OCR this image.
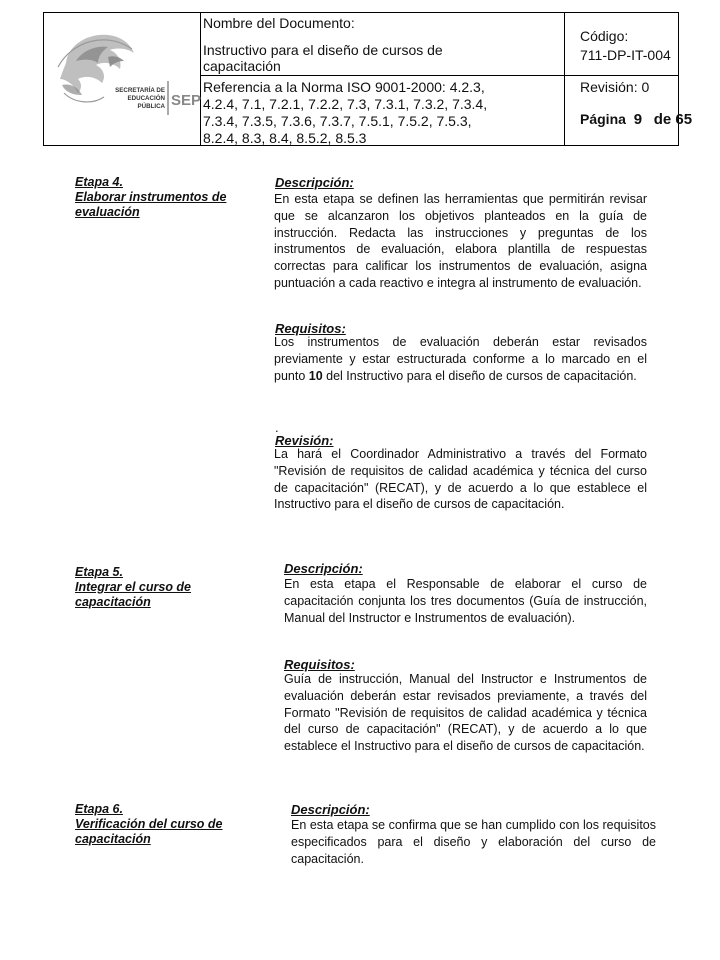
SECRETARÍA DE
EDUCACIÓN
PÚBLICA SEP
Nombre del Documento:
Instructivo para el diseño de cursos de
capacitación
Referencia a la Norma ISO 9001-2000: 4.2.3,
4.2.4, 7.1, 7.2.1, 7.2.2, 7.3, 7.3.1, 7.3.2, 7.3.4,
7.3.4, 7.3.5, 7.3.6, 7.3.7, 7.5.1, 7.5.2, 7.5.3,
8.2.4, 8.3, 8.4, 8.5.2, 8.5.3
Código:
711-DP-IT-004
Revisión: 0
Página 9 de 65
Etapa 4.
Elaborar instrumentos de
evaluación
Descripción:
En esta etapa se definen las herramientas que permitirán revisar que se alcanzaron los objetivos planteados en la guía de instrucción. Redacta las instrucciones y preguntas de los instrumentos de evaluación, elabora plantilla de respuestas correctas para calificar los instrumentos de evaluación, asigna puntuación a cada reactivo e integra al instrumento de evaluación.
Requisitos:
Los instrumentos de evaluación deberán estar revisados previamente y estar estructurada conforme a lo marcado en el punto 10 del Instructivo para el diseño de cursos de capacitación.
.
Revisión:
La hará el Coordinador Administrativo a través del Formato "Revisión de requisitos de calidad académica y técnica del curso de capacitación" (RECAT), y de acuerdo a lo que establece el Instructivo para el diseño de cursos de capacitación.
Etapa 5.
Integrar el curso de
capacitación
Descripción:
En esta etapa el Responsable de elaborar el curso de capacitación conjunta los tres documentos (Guía de instrucción, Manual del Instructor e Instrumentos de evaluación).
Requisitos:
Guía de instrucción, Manual del Instructor e Instrumentos de evaluación deberán estar revisados previamente, a través del Formato "Revisión de requisitos de calidad académica y técnica del curso de capacitación" (RECAT), y de acuerdo a lo que establece el Instructivo para el diseño de cursos de capacitación.
Etapa 6.
Verificación del curso de
capacitación
Descripción:
En esta etapa se confirma que se han cumplido con los requisitos especificados para el diseño y elaboración del curso de capacitación.
